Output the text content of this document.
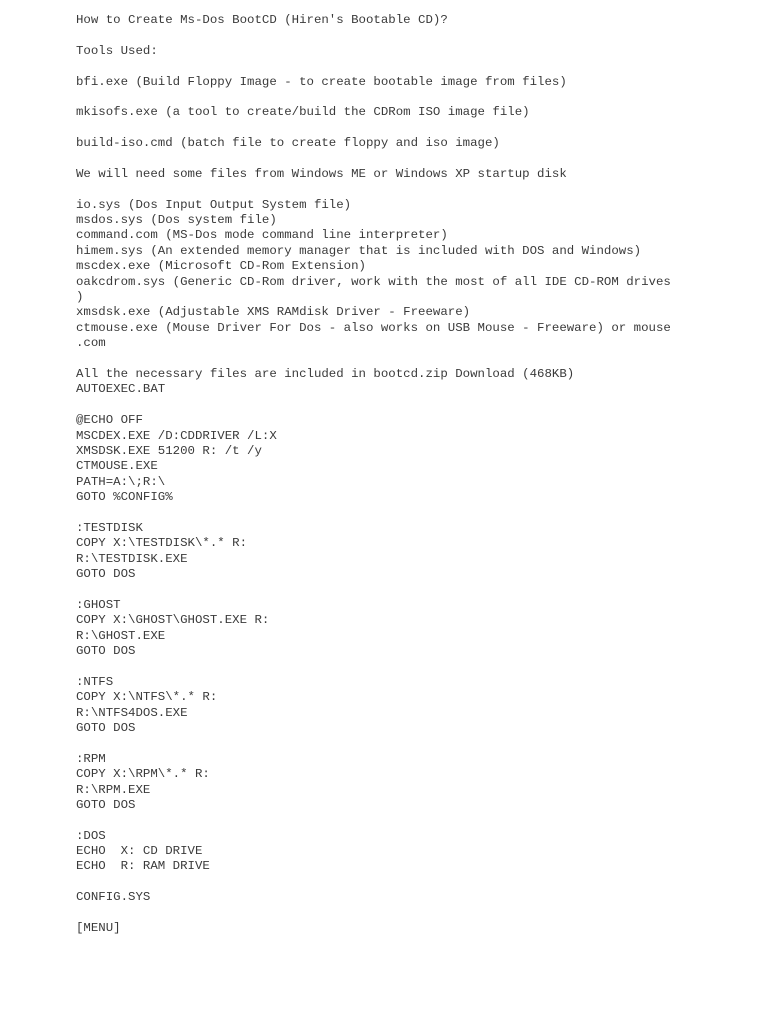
How to Create Ms-Dos BootCD (Hiren's Bootable CD)?
Tools Used:
bfi.exe (Build Floppy Image - to create bootable image from files)
mkisofs.exe (a tool to create/build the CDRom ISO image file)
build-iso.cmd (batch file to create floppy and iso image)
We will need some files from Windows ME or Windows XP startup disk
io.sys (Dos Input Output System file)
msdos.sys (Dos system file)
command.com (MS-Dos mode command line interpreter)
himem.sys (An extended memory manager that is included with DOS and Windows)
mscdex.exe (Microsoft CD-Rom Extension)
oakcdrom.sys (Generic CD-Rom driver, work with the most of all IDE CD-ROM drives
)
xmsdsk.exe (Adjustable XMS RAMdisk Driver - Freeware)
ctmouse.exe (Mouse Driver For Dos - also works on USB Mouse - Freeware) or mouse
.com
All the necessary files are included in bootcd.zip Download (468KB)
AUTOEXEC.BAT
@ECHO OFF
MSCDEX.EXE /D:CDDRIVER /L:X
XMSDSK.EXE 51200 R: /t /y
CTMOUSE.EXE
PATH=A:\;R:\
GOTO %CONFIG%
:TESTDISK
COPY X:\TESTDISK\*.* R:
R:\TESTDISK.EXE
GOTO DOS
:GHOST
COPY X:\GHOST\GHOST.EXE R:
R:\GHOST.EXE
GOTO DOS
:NTFS
COPY X:\NTFS\*.* R:
R:\NTFS4DOS.EXE
GOTO DOS
:RPM
COPY X:\RPM\*.* R:
R:\RPM.EXE
GOTO DOS
:DOS
ECHO  X: CD DRIVE
ECHO  R: RAM DRIVE
CONFIG.SYS
[MENU]
